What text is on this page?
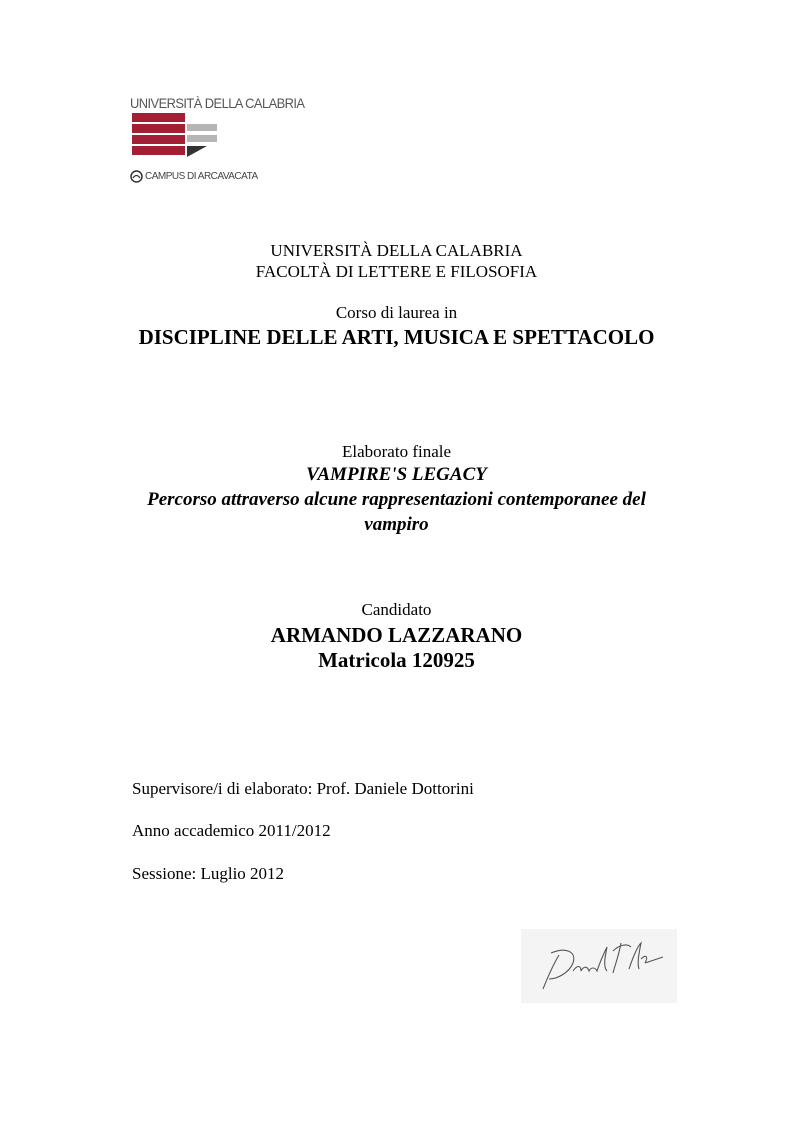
UNIVERSITÀ DELLA CALABRIA
CAMPUS DI ARCAVACATA
UNIVERSITÀ DELLA CALABRIA
FACOLTÀ DI LETTERE E FILOSOFIA
Corso di laurea in
DISCIPLINE DELLE ARTI, MUSICA E SPETTACOLO
Elaborato finale
VAMPIRE'S LEGACY
Percorso attraverso alcune rappresentazioni contemporanee del
vampiro
Candidato
ARMANDO LAZZARANO
Matricola 120925
Supervisore/i di elaborato: Prof. Daniele Dottorini
Anno accademico 2011/2012
Sessione: Luglio 2012
